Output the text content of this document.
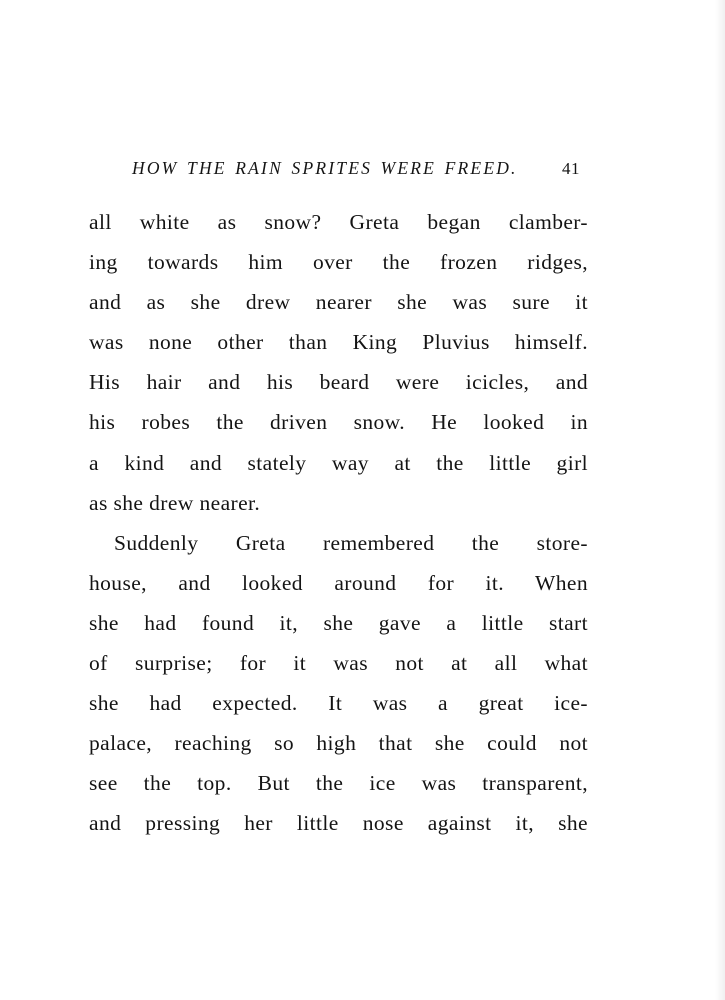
HOW THE RAIN SPRITES WERE FREED.	41
all white as snow? Greta began clamber-
ing towards him over the frozen ridges,
and as she drew nearer she was sure it
was none other than King Pluvius himself.
His hair and his beard were icicles, and
his robes the driven snow. He looked in
a kind and stately way at the little girl
as she drew nearer.
Suddenly Greta remembered the store-
house, and looked around for it. When
she had found it, she gave a little start
of surprise; for it was not at all what
she had expected. It was a great ice-
palace, reaching so high that she could not
see the top. But the ice was transparent,
and pressing her little nose against it, she
